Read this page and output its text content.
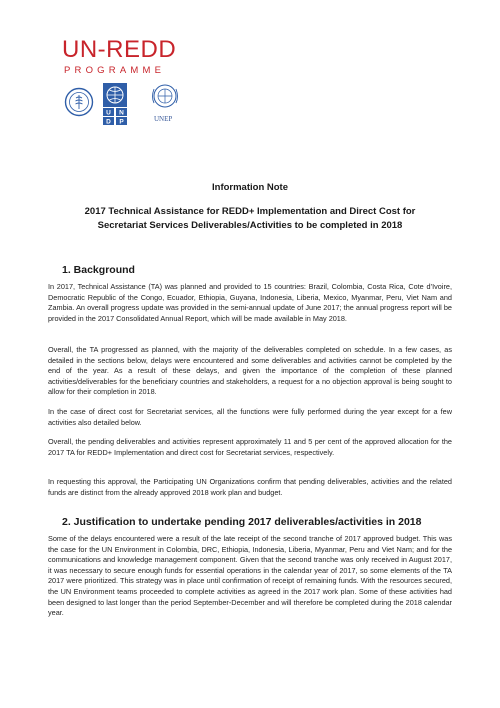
UN-REDD
PROGRAMME
U N
D P	UNEP
Information Note
2017 Technical Assistance for REDD+ Implementation and Direct Cost for Secretariat Services Deliverables/Activities to be completed in 2018
1. Background

In 2017, Technical Assistance (TA) was planned and provided to 15 countries: Brazil, Colombia, Costa Rica, Cote d’Ivoire, Democratic Republic of the Congo, Ecuador, Ethiopia, Guyana, Indonesia, Liberia, Mexico, Myanmar, Peru, Viet Nam and Zambia. An overall progress update was provided in the semi-annual update of June 2017; the annual progress report will be provided in the 2017 Consolidated Annual Report, which will be made available in May 2018.

Overall, the TA progressed as planned, with the majority of the deliverables completed on schedule. In a few cases, as detailed in the sections below, delays were encountered and some deliverables and activities cannot be completed by the end of the year. As a result of these delays, and given the importance of the completion of these planned activities/deliverables for the beneficiary countries and stakeholders, a request for a no objection approval is being sought to allow for their completion in 2018.

In the case of direct cost for Secretariat services, all the functions were fully performed during the year except for a few activities also detailed below.

Overall, the pending deliverables and activities represent approximately 11 and 5 per cent of the approved allocation for the 2017 TA for REDD+ Implementation and direct cost for Secretariat services, respectively.

In requesting this approval, the Participating UN Organizations confirm that pending deliverables, activities and the related funds are distinct from the already approved 2018 work plan and budget.

2. Justification to undertake pending 2017 deliverables/activities in 2018

Some of the delays encountered were a result of the late receipt of the second tranche of 2017 approved budget. This was the case for the UN Environment in Colombia, DRC, Ethiopia, Indonesia, Liberia, Myanmar, Peru and Viet Nam; and for the communications and knowledge management component. Given that the second tranche was only received in August 2017, it was necessary to secure enough funds for essential operations in the calendar year of 2017, so some elements of the TA 2017 were prioritized. This strategy was in place until confirmation of receipt of remaining funds. With the resources secured, the UN Environment teams proceeded to complete activities as agreed in the 2017 work plan. Some of these activities had been designed to last longer than the period September-December and will therefore be completed during the 2018 calendar year.
